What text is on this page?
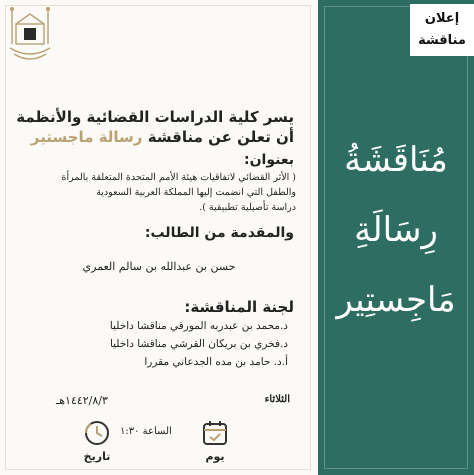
يسر كلية الدراسات القضائية والأنظمة
أن تعلن عن مناقشة رسالة ماجستير
بعنوان:
( الأثر القضائي لاتفاقيات هيئة الأمم المتحدة المتعلقة بالمرأة
والطفل التي انضمت إليها المملكة العربية السعودية
دراسة تأصيلية تطبيقية ).
والمقدمة من الطالب:
حسن بن عبدالله بن سالم العمري
لجنة المناقشة:
د.محمد بن عبدربه المورقي مناقشا داخليا
د.فخري بن بريكان القرشي مناقشا داخليا
أ.د. حامد بن مده الجدعاني مقررا
الثلاثاء
١٤٤٢/٨/٣هـ
يوم
الساعة ١:٣٠
تاريخ
إعلان
مناقشة
مُنَاقَشَةُ
رِسَالَةِ
مَاجِستِير
